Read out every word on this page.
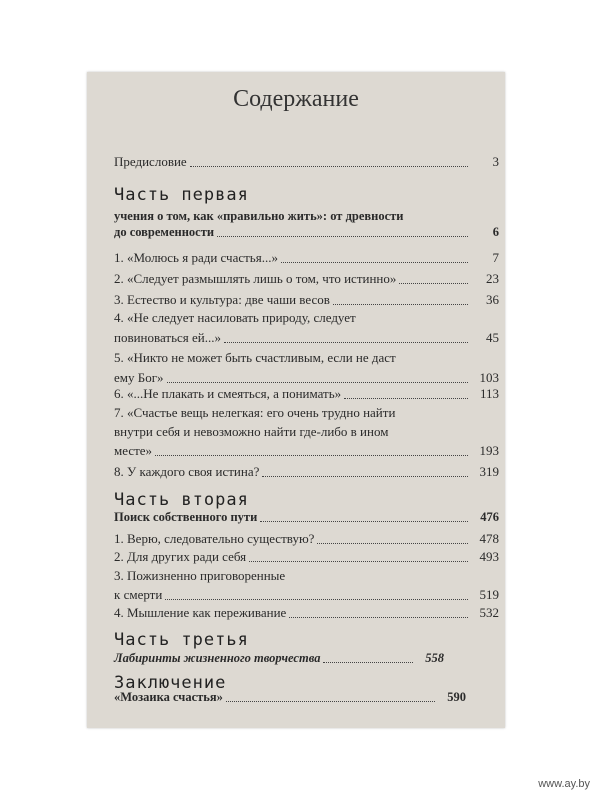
Содержание
Предисловие	3
Часть первая
учения о том, как «правильно жить»: от древности
до современности	6
1. «Молюсь я ради счастья...»	7
2. «Следует размышлять лишь о том, что истинно»	23
3. Естество и культура: две чаши весов	36
4. «Не следует насиловать природу, следует
повиноваться ей...»	45
5. «Никто не может быть счастливым, если не даст
ему Бог»	103
6. «...Не плакать и смеяться, а понимать»	113
7. «Счастье вещь нелегкая: его очень трудно найти
внутри себя и невозможно найти где-либо в ином
месте»	193
8. У каждого своя истина?	319
Часть вторая
Поиск собственного пути	476
1. Верю, следовательно существую?	478
2. Для других ради себя	493
3. Пожизненно приговоренные
к смерти	519
4. Мышление как переживание	532
Часть третья
Лабиринты жизненного творчества	558
Заключение
«Мозаика счастья»	590
www.ay.by
